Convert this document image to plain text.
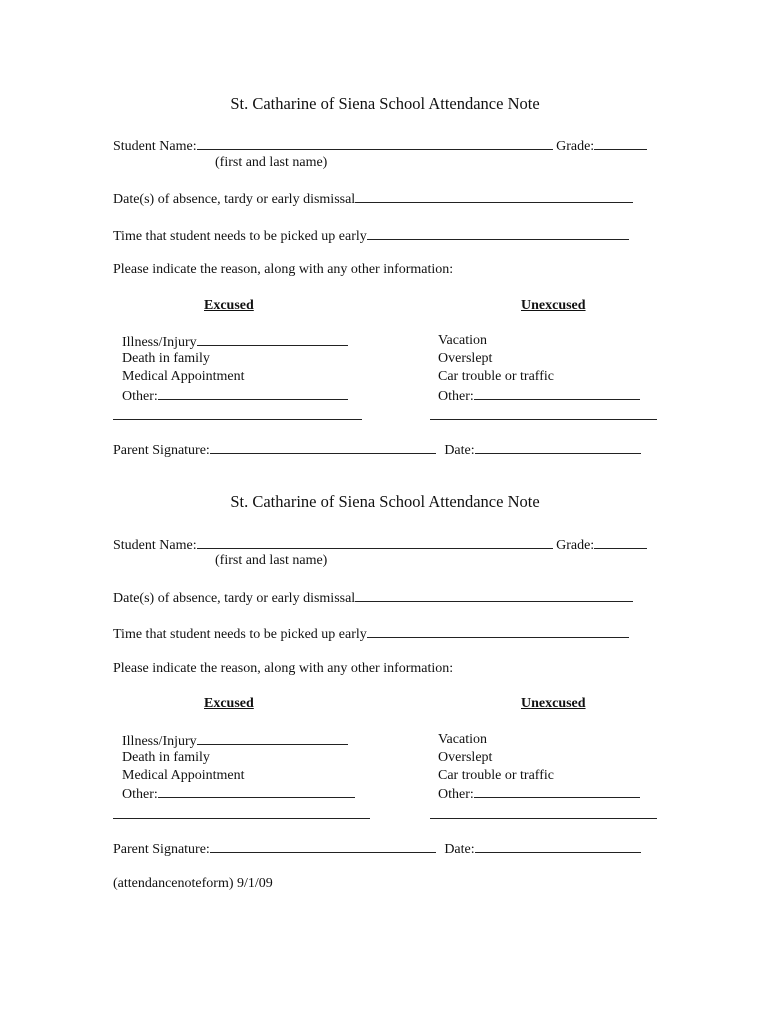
St. Catharine of Siena School Attendance Note
Student Name:	Grade:
(first and last name)
Date(s) of absence, tardy or early dismissal
Time that student needs to be picked up early
Please indicate the reason, along with any other information:
Excused	Unexcused
Illness/Injury
Death in family
Medical Appointment
Other:
Vacation
Overslept
Car trouble or traffic
Other:
Parent Signature:	Date:
St. Catharine of Siena School Attendance Note
Student Name:	Grade:
(first and last name)
Date(s) of absence, tardy or early dismissal
Time that student needs to be picked up early
Please indicate the reason, along with any other information:
Excused	Unexcused
Illness/Injury
Death in family
Medical Appointment
Other:
Vacation
Overslept
Car trouble or traffic
Other:
Parent Signature:	Date:
(attendancenoteform) 9/1/09
